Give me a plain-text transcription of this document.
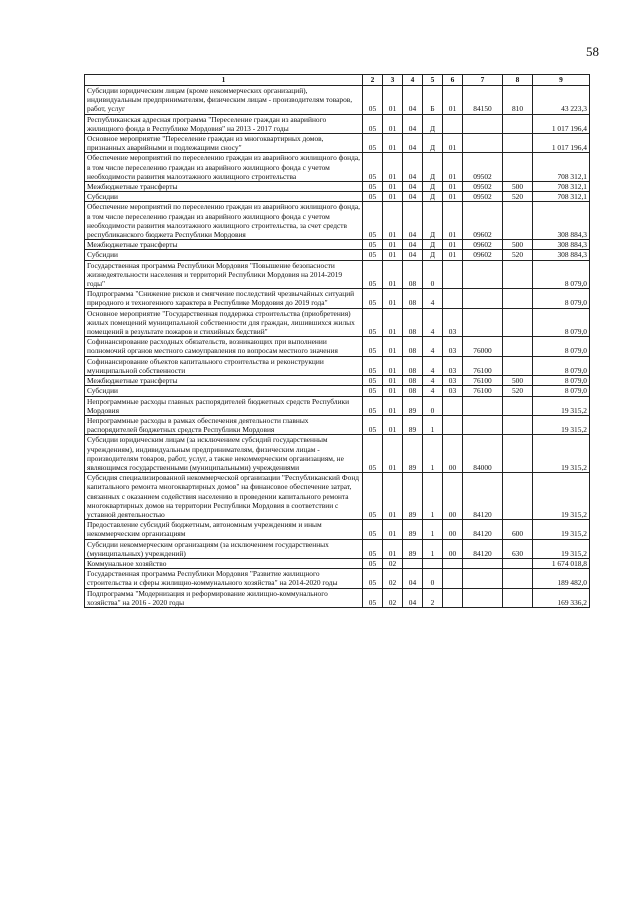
58
1	2	3	4	5	6	7	8	9
Субсидии юридическим лицам (кроме некоммерческих организаций), индивидуальным предпринимателям, физическим лицам - производителям товаров, работ, услуг	05	01	04	Б	01	84150	810	43 223,3
Республиканская адресная программа "Переселение граждан из аварийного жилищного фонда в Республике Мордовия" на 2013 - 2017 годы	05	01	04	Д				1 017 196,4
Основное мероприятие "Переселение граждан из многоквартирных домов, признанных аварийными и подлежащими сносу"	05	01	04	Д	01			1 017 196,4
Обеспечение мероприятий по переселению граждан из аварийного жилищного фонда, в том числе переселению граждан из аварийного жилищного фонда с учетом необходимости развития малоэтажного жилищного строительства	05	01	04	Д	01	09502		708 312,1
Межбюджетные трансферты	05	01	04	Д	01	09502	500	708 312,1
Субсидии	05	01	04	Д	01	09502	520	708 312,1
Обеспечение мероприятий по переселению граждан из аварийного жилищного фонда, в том числе переселению граждан из аварийного жилищного фонда с учетом необходимости развития малоэтажного жилищного строительства, за счет средств республиканского бюджета Республики Мордовия	05	01	04	Д	01	09602		308 884,3
Межбюджетные трансферты	05	01	04	Д	01	09602	500	308 884,3
Субсидии	05	01	04	Д	01	09602	520	308 884,3
Государственная программа Республики Мордовия "Повышение безопасности жизнедеятельности населения и территорий Республики Мордовия на 2014-2019 годы"	05	01	08	0				8 079,0
Подпрограмма "Снижение рисков и смягчение последствий чрезвычайных ситуаций природного и техногенного характера в Республике Мордовия до 2019 года"	05	01	08	4				8 079,0
Основное мероприятие "Государственная поддержка строительства (приобретения) жилых помещений муниципальной собственности для граждан, лишившихся жилых помещений в результате пожаров и стихийных бедствий"	05	01	08	4	03			8 079,0
Софинансирование расходных обязательств, возникающих при выполнении полномочий органов местного самоуправления по вопросам местного значения	05	01	08	4	03	76000		8 079,0
Софинансирование объектов капитального строительства и реконструкции муниципальной собственности	05	01	08	4	03	76100		8 079,0
Межбюджетные трансферты	05	01	08	4	03	76100	500	8 079,0
Субсидии	05	01	08	4	03	76100	520	8 079,0
Непрограммные расходы главных распорядителей бюджетных средств Республики Мордовия	05	01	89	0				19 315,2
Непрограммные расходы в рамках обеспечения деятельности главных распорядителей бюджетных средств Республики Мордовия	05	01	89	1				19 315,2
Субсидии юридическим лицам (за исключением субсидий государственным учреждениям), индивидуальным предпринимателям, физическим лицам - производителям товаров, работ, услуг, а также некоммерческим организациям, не являющимся государственными (муниципальными) учреждениями	05	01	89	1	00	84000		19 315,2
Субсидия специализированной некоммерческой организации "Республиканский Фонд капитального ремонта многоквартирных домов" на финансовое обеспечение затрат, связанных с оказанием содействия населению в проведении капитального ремонта многоквартирных домов на территории Республики Мордовия в соответствии с уставной деятельностью	05	01	89	1	00	84120		19 315,2
Предоставление субсидий бюджетным, автономным учреждениям и иным некоммерческим организациям	05	01	89	1	00	84120	600	19 315,2
Субсидии некоммерческим организациям (за исключением государственных (муниципальных) учреждений)	05	01	89	1	00	84120	630	19 315,2
Коммунальное хозяйство	05	02						1 674 018,8
Государственная программа Республики Мордовия "Развитие жилищного строительства и сферы жилищно-коммунального хозяйства" на 2014-2020 годы	05	02	04	0				189 482,0
Подпрограмма "Модернизация и реформирование жилищно-коммунального хозяйства" на 2016 - 2020 годы	05	02	04	2				169 336,2
